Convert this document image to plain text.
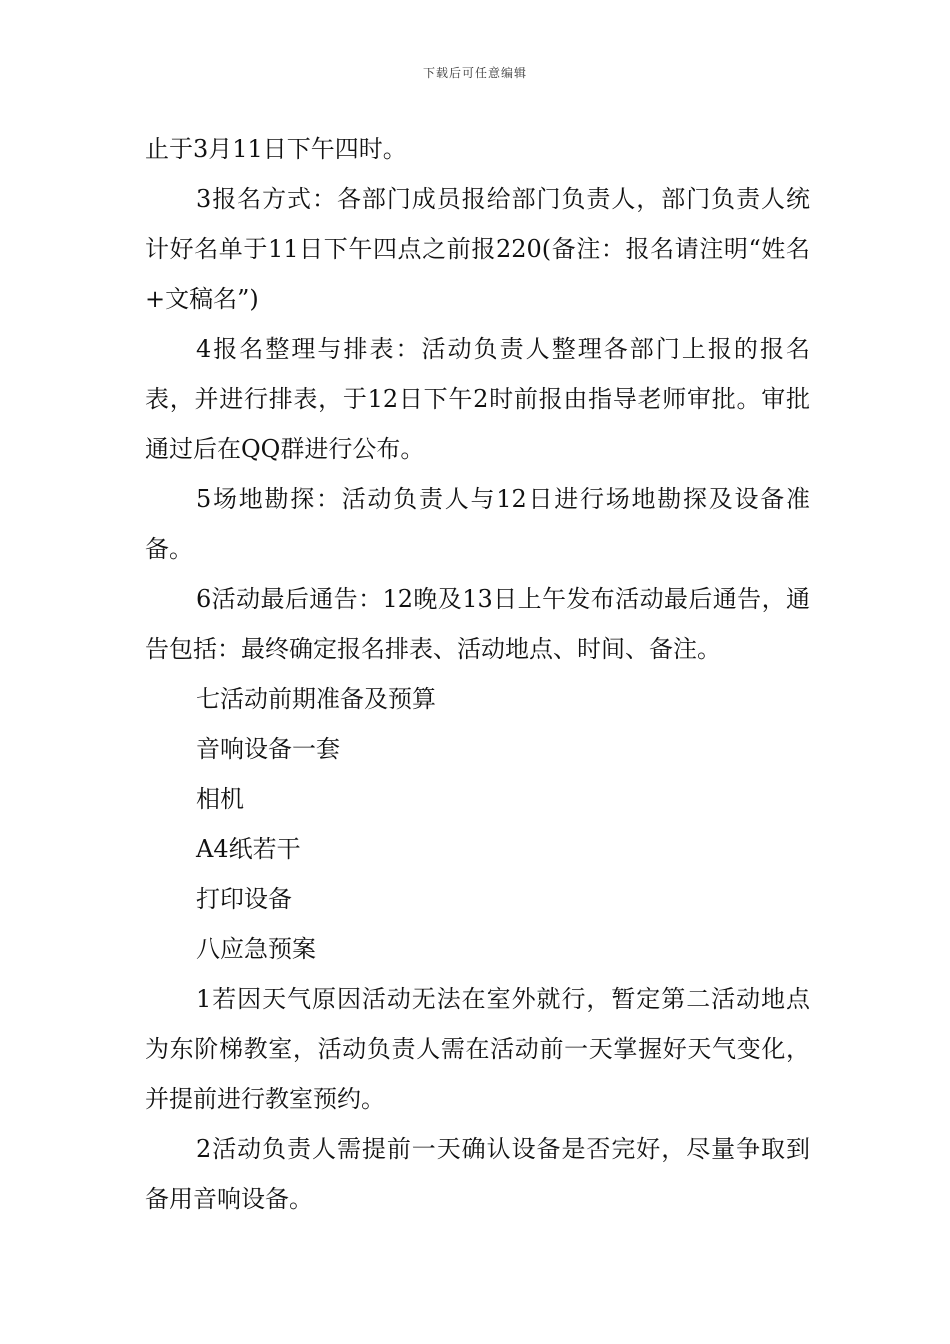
下载后可任意编辑

止于3月11日下午四时。

3报名方式：各部门成员报给部门负责人，部门负责人统计好名单于11日下午四点之前报220(备注：报名请注明“姓名+文稿名”)

4报名整理与排表：活动负责人整理各部门上报的报名表，并进行排表，于12日下午2时前报由指导老师审批。审批通过后在QQ群进行公布。

5场地勘探：活动负责人与12日进行场地勘探及设备准备。

6活动最后通告：12晚及13日上午发布活动最后通告，通告包括：最终确定报名排表、活动地点、时间、备注。

七活动前期准备及预算

音响设备一套

相机

A4纸若干

打印设备

八应急预案

1若因天气原因活动无法在室外就行，暂定第二活动地点为东阶梯教室，活动负责人需在活动前一天掌握好天气变化，并提前进行教室预约。

2活动负责人需提前一天确认设备是否完好，尽量争取到备用音响设备。
